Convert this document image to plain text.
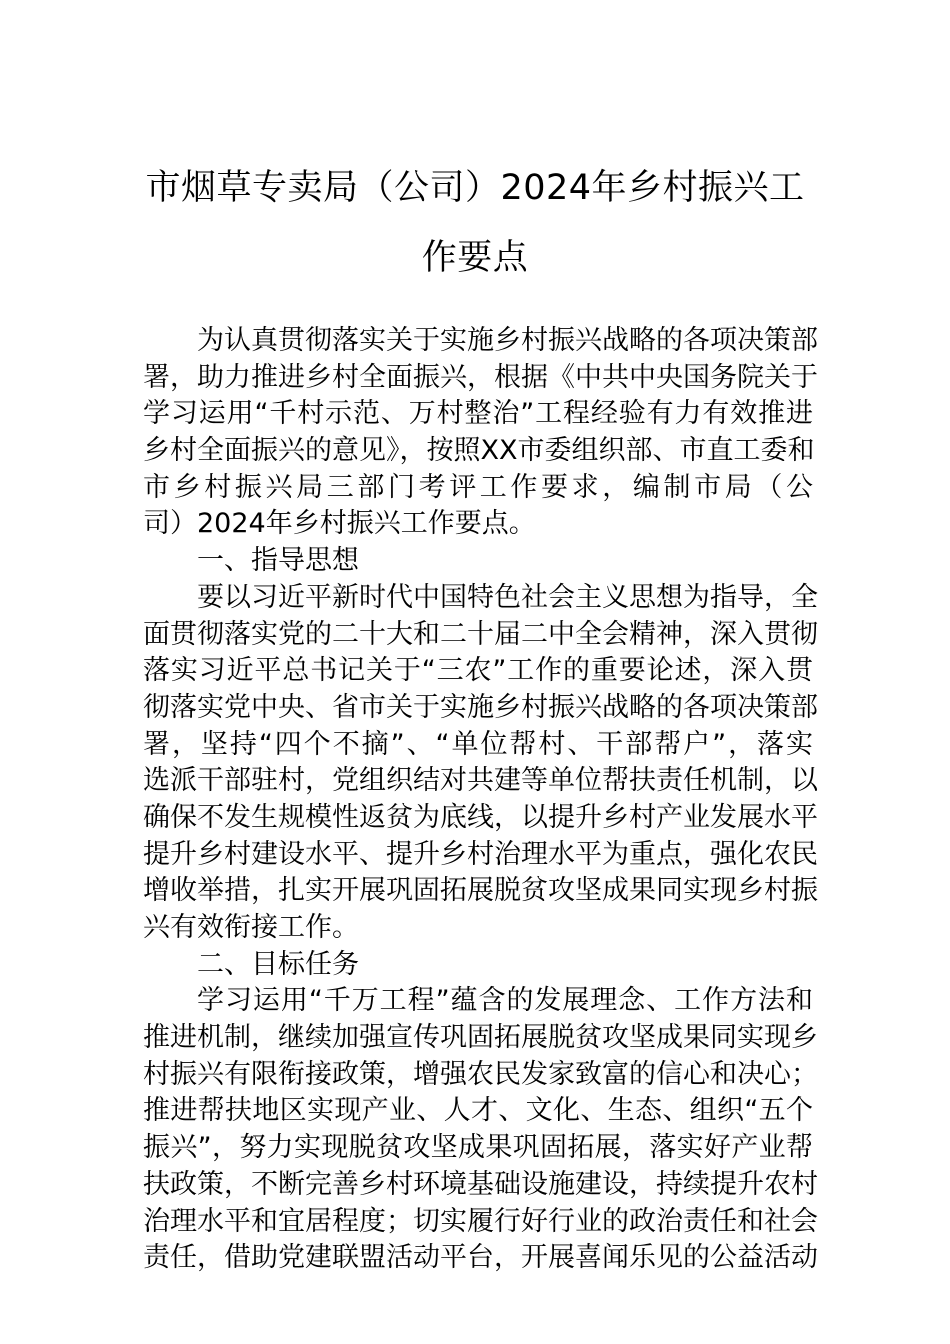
市烟草专卖局（公司）2024年乡村振兴工
作要点
为认真贯彻落实关于实施乡村振兴战略的各项决策部
署，助力推进乡村全面振兴，根据《中共中央国务院关于
学习运用“千村示范、万村整治”工程经验有力有效推进
乡村全面振兴的意见》，按照XX市委组织部、市直工委和
市乡村振兴局三部门考评工作要求，编制市局（公
司）2024年乡村振兴工作要点。
一、指导思想
要以习近平新时代中国特色社会主义思想为指导，全
面贯彻落实党的二十大和二十届二中全会精神，深入贯彻
落实习近平总书记关于“三农”工作的重要论述，深入贯
彻落实党中央、省市关于实施乡村振兴战略的各项决策部
署，坚持“四个不摘”、“单位帮村、干部帮户”，落实
选派干部驻村，党组织结对共建等单位帮扶责任机制，以
确保不发生规模性返贫为底线，以提升乡村产业发展水平
提升乡村建设水平、提升乡村治理水平为重点，强化农民
增收举措，扎实开展巩固拓展脱贫攻坚成果同实现乡村振
兴有效衔接工作。
二、目标任务
学习运用“千万工程”蕴含的发展理念、工作方法和
推进机制，继续加强宣传巩固拓展脱贫攻坚成果同实现乡
村振兴有限衔接政策，增强农民发家致富的信心和决心；
推进帮扶地区实现产业、人才、文化、生态、组织“五个
振兴”，努力实现脱贫攻坚成果巩固拓展，落实好产业帮
扶政策，不断完善乡村环境基础设施建设，持续提升农村
治理水平和宜居程度；切实履行好行业的政治责任和社会
责任，借助党建联盟活动平台，开展喜闻乐见的公益活动
